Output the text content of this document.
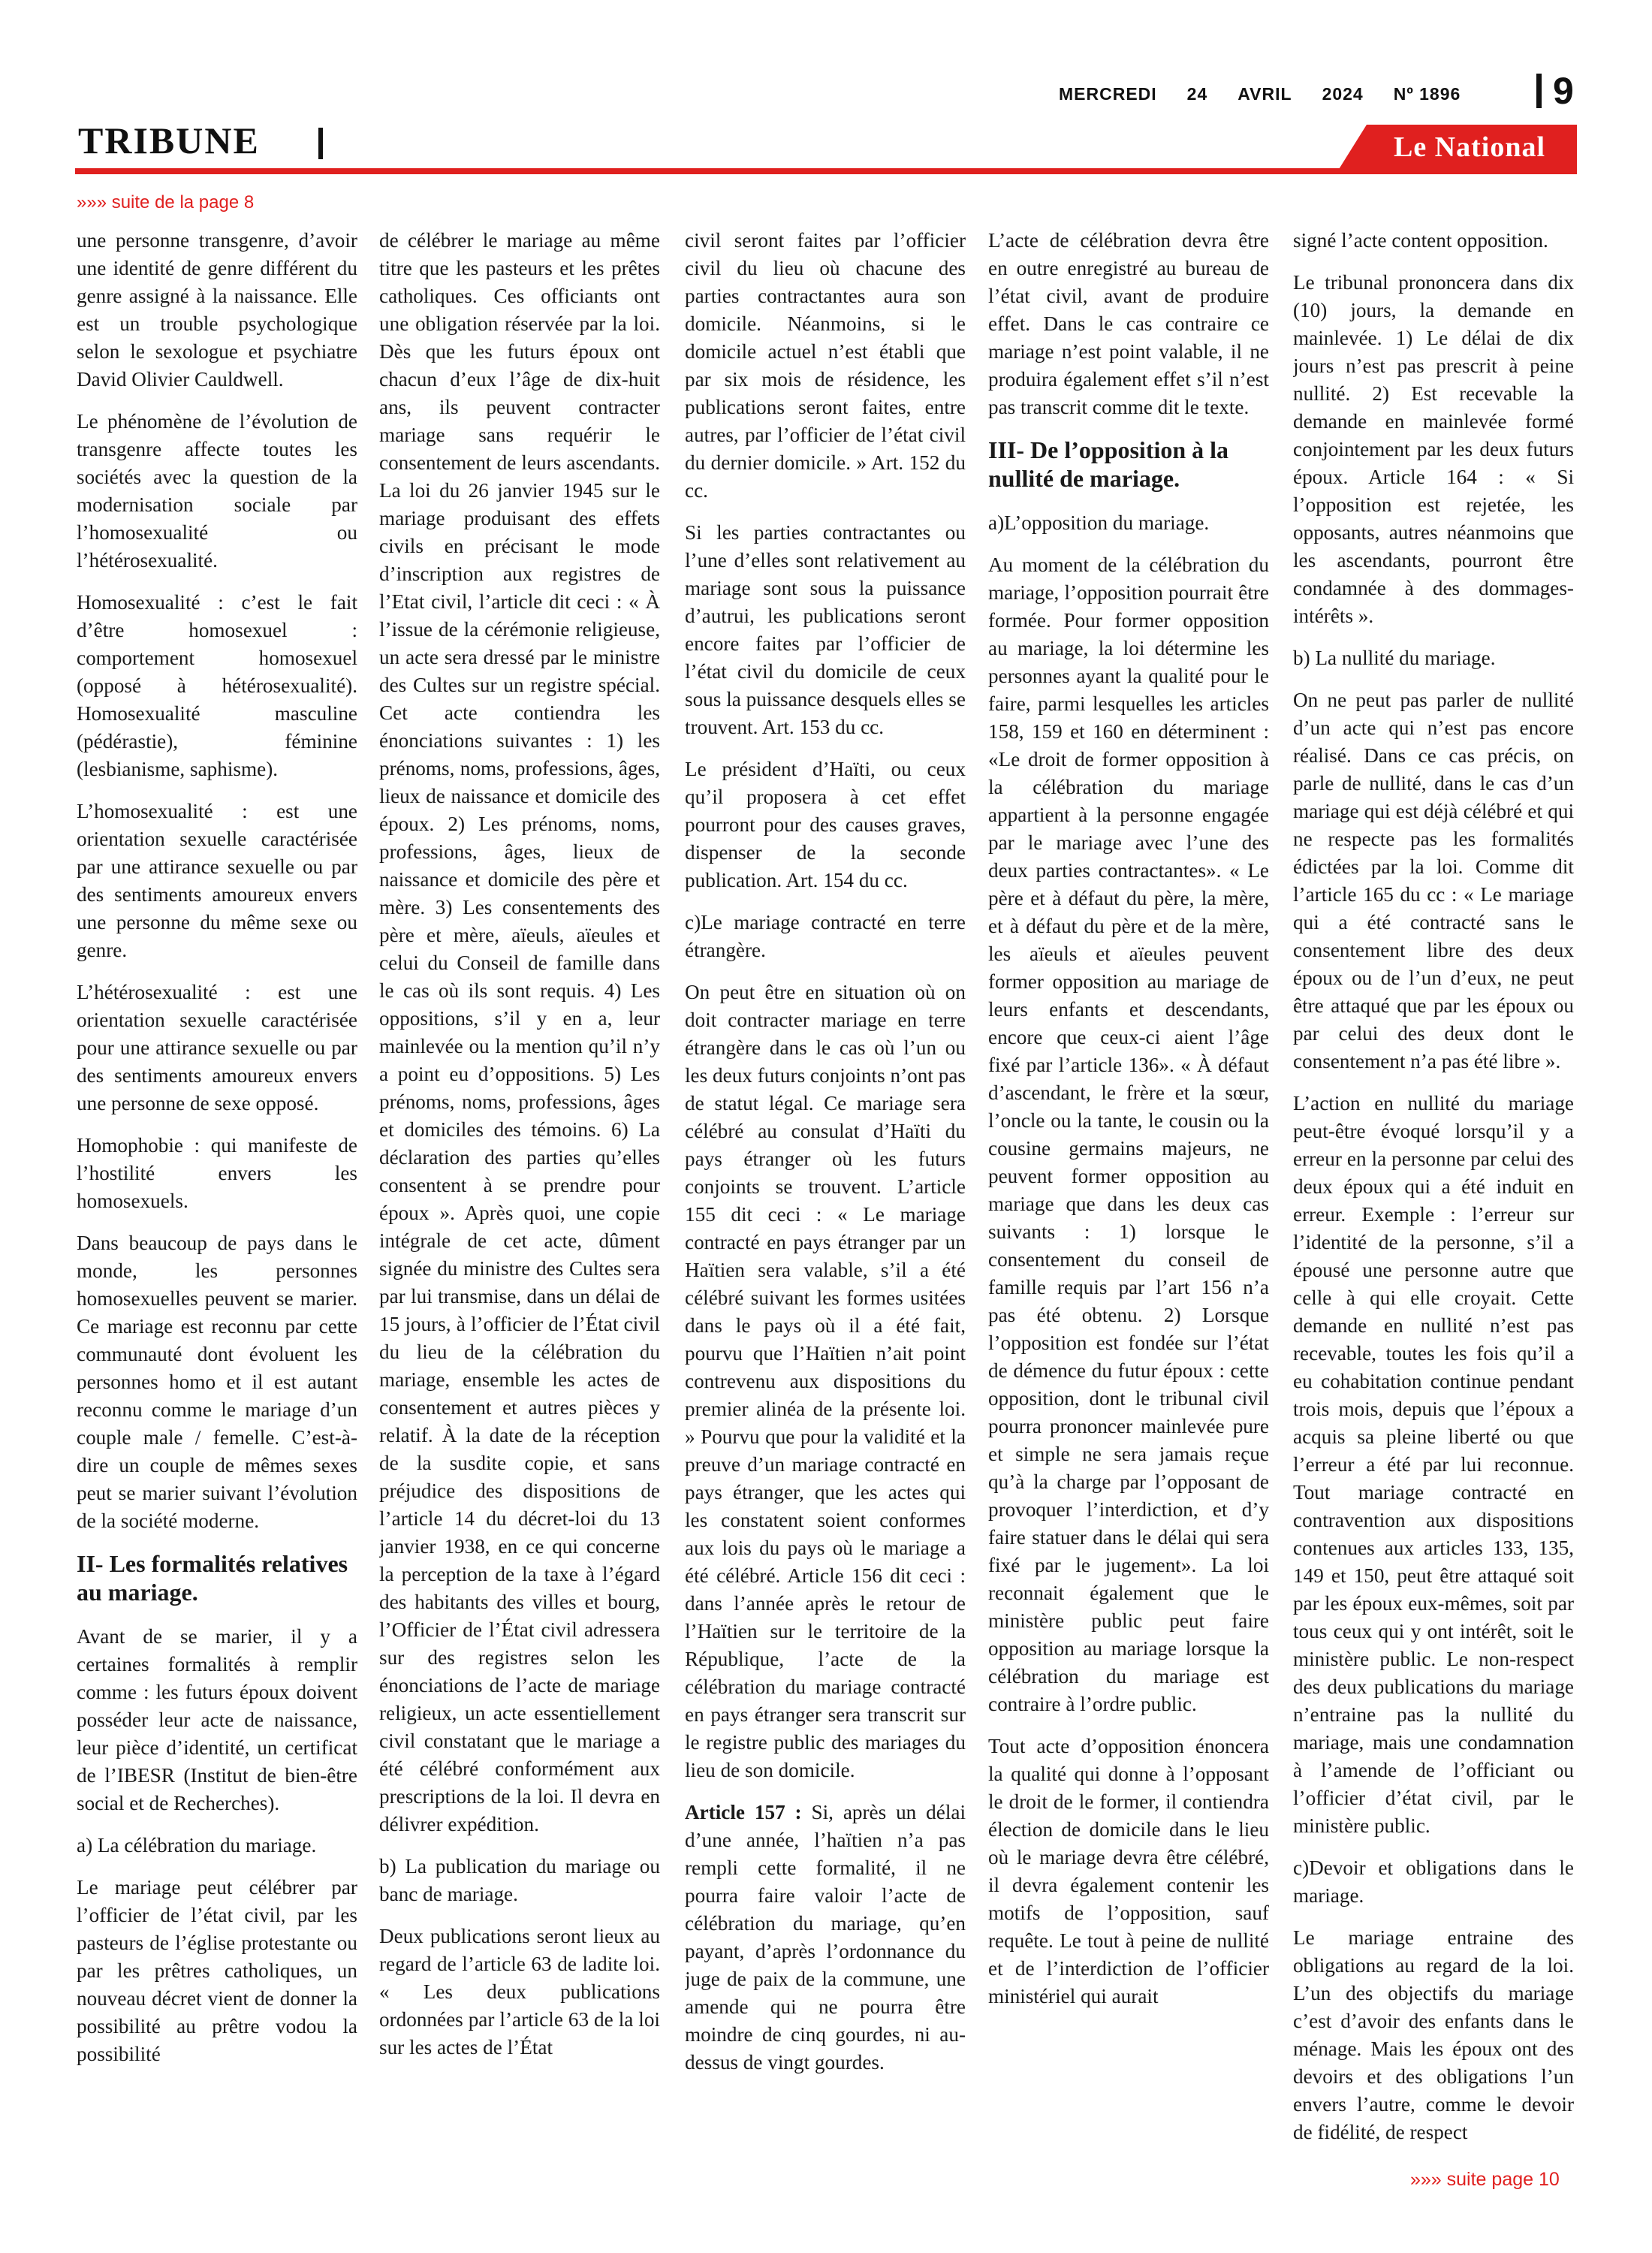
MERCREDI 24 AVRIL 2024 Nº 1896	9
TRIBUNE	Le National
»»» suite de la page 8

une personne transgenre, d’avoir une identité de genre différent du genre assigné à la naissance. Elle est un trouble psychologique selon le sexologue et psychiatre David Olivier Cauldwell.

Le phénomène de l’évolution de transgenre affecte toutes les sociétés avec la question de la modernisation sociale par l’homosexualité ou l’hétérosexualité.

Homosexualité : c’est le fait d’être homosexuel : comportement homosexuel (opposé à hétérosexualité). Homosexualité masculine (pédérastie), féminine (lesbianisme, saphisme).

L’homosexualité : est une orientation sexuelle caractérisée par une attirance sexuelle ou par des sentiments amoureux envers une personne du même sexe ou genre.

L’hétérosexualité : est une orientation sexuelle caractérisée pour une attirance sexuelle ou par des sentiments amoureux envers une personne de sexe opposé.

Homophobie : qui manifeste de l’hostilité envers les homosexuels.

Dans beaucoup de pays dans le monde, les personnes homosexuelles peuvent se marier. Ce mariage est reconnu par cette communauté dont évoluent les personnes homo et il est autant reconnu comme le mariage d’un couple male / femelle. C’est-à-dire un couple de mêmes sexes peut se marier suivant l’évolution de la société moderne.

II- Les formalités relatives au mariage.

Avant de se marier, il y a certaines formalités à remplir comme : les futurs époux doivent posséder leur acte de naissance, leur pièce d’identité, un certificat de l’IBESR (Institut de bien-être social et de Recherches).

a) La célébration du mariage.

Le mariage peut célébrer par l’officier de l’état civil, par les pasteurs de l’église protestante ou par les prêtres catholiques, un nouveau décret vient de donner la possibilité au prêtre vodou la possibilité

de célébrer le mariage au même titre que les pasteurs et les prêtes catholiques. Ces officiants ont une obligation réservée par la loi. Dès que les futurs époux ont chacun d’eux l’âge de dix-huit ans, ils peuvent contracter mariage sans requérir le consentement de leurs ascendants. La loi du 26 janvier 1945 sur le mariage produisant des effets civils en précisant le mode d’inscription aux registres de l’Etat civil, l’article dit ceci : « À l’issue de la cérémonie religieuse, un acte sera dressé par le ministre des Cultes sur un registre spécial. Cet acte contiendra les énonciations suivantes : 1) les prénoms, noms, professions, âges, lieux de naissance et domicile des époux. 2) Les prénoms, noms, professions, âges, lieux de naissance et domicile des père et mère. 3) Les consentements des père et mère, aïeuls, aïeules et celui du Conseil de famille dans le cas où ils sont requis. 4) Les oppositions, s’il y en a, leur mainlevée ou la mention qu’il n’y a point eu d’oppositions. 5) Les prénoms, noms, professions, âges et domiciles des témoins. 6) La déclaration des parties qu’elles consentent à se prendre pour époux ». Après quoi, une copie intégrale de cet acte, dûment signée du ministre des Cultes sera par lui transmise, dans un délai de 15 jours, à l’officier de l’État civil du lieu de la célébration du mariage, ensemble les actes de consentement et autres pièces y relatif. À la date de la réception de la susdite copie, et sans préjudice des dispositions de l’article 14 du décret-loi du 13 janvier 1938, en ce qui concerne la perception de la taxe à l’égard des habitants des villes et bourg, l’Officier de l’État civil adressera sur des registres selon les énonciations de l’acte de mariage religieux, un acte essentiellement civil constatant que le mariage a été célébré conformément aux prescriptions de la loi. Il devra en délivrer expédition.

b) La publication du mariage ou banc de mariage.

Deux publications seront lieux au regard de l’article 63 de ladite loi. « Les deux publications ordonnées par l’article 63 de la loi sur les actes de l’État

civil seront faites par l’officier civil du lieu où chacune des parties contractantes aura son domicile. Néanmoins, si le domicile actuel n’est établi que par six mois de résidence, les publications seront faites, entre autres, par l’officier de l’état civil du dernier domicile. » Art. 152 du cc.

Si les parties contractantes ou l’une d’elles sont relativement au mariage sont sous la puissance d’autrui, les publications seront encore faites par l’officier de l’état civil du domicile de ceux sous la puissance desquels elles se trouvent. Art. 153 du cc.

Le président d’Haïti, ou ceux qu’il proposera à cet effet pourront pour des causes graves, dispenser de la seconde publication. Art. 154 du cc.

c)Le mariage contracté en terre étrangère.

On peut être en situation où on doit contracter mariage en terre étrangère dans le cas où l’un ou les deux futurs conjoints n’ont pas de statut légal. Ce mariage sera célébré au consulat d’Haïti du pays étranger où les futurs conjoints se trouvent. L’article 155 dit ceci : « Le mariage contracté en pays étranger par un Haïtien sera valable, s’il a été célébré suivant les formes usitées dans le pays où il a été fait, pourvu que l’Haïtien n’ait point contrevenu aux dispositions du premier alinéa de la présente loi. » Pourvu que pour la validité et la preuve d’un mariage contracté en pays étranger, que les actes qui les constatent soient conformes aux lois du pays où le mariage a été célébré. Article 156 dit ceci : dans l’année après le retour de l’Haïtien sur le territoire de la République, l’acte de la célébration du mariage contracté en pays étranger sera transcrit sur le registre public des mariages du lieu de son domicile.

Article 157 : Si, après un délai d’une année, l’haïtien n’a pas rempli cette formalité, il ne pourra faire valoir l’acte de célébration du mariage, qu’en payant, d’après l’ordonnance du juge de paix de la commune, une amende qui ne pourra être moindre de cinq gourdes, ni au-dessus de vingt gourdes.

L’acte de célébration devra être en outre enregistré au bureau de l’état civil, avant de produire effet. Dans le cas contraire ce mariage n’est point valable, il ne produira également effet s’il n’est pas transcrit comme dit le texte.

III- De l’opposition à la nullité de mariage.

a)L’opposition du mariage.

Au moment de la célébration du mariage, l’opposition pourrait être formée. Pour former opposition au mariage, la loi détermine les personnes ayant la qualité pour le faire, parmi lesquelles les articles 158, 159 et 160 en déterminent : «Le droit de former opposition à la célébration du mariage appartient à la personne engagée par le mariage avec l’une des deux parties contractantes». « Le père et à défaut du père, la mère, et à défaut du père et de la mère, les aïeuls et aïeules peuvent former opposition au mariage de leurs enfants et descendants, encore que ceux-ci aient l’âge fixé par l’article 136». « À défaut d’ascendant, le frère et la sœur, l’oncle ou la tante, le cousin ou la cousine germains majeurs, ne peuvent former opposition au mariage que dans les deux cas suivants : 1) lorsque le consentement du conseil de famille requis par l’art 156 n’a pas été obtenu. 2) Lorsque l’opposition est fondée sur l’état de démence du futur époux : cette opposition, dont le tribunal civil pourra prononcer mainlevée pure et simple ne sera jamais reçue qu’à la charge par l’opposant de provoquer l’interdiction, et d’y faire statuer dans le délai qui sera fixé par le jugement». La loi reconnait également que le ministère public peut faire opposition au mariage lorsque la célébration du mariage est contraire à l’ordre public.

Tout acte d’opposition énoncera la qualité qui donne à l’opposant le droit de le former, il contiendra élection de domicile dans le lieu où le mariage devra être célébré, il devra également contenir les motifs de l’opposition, sauf requête. Le tout à peine de nullité et de l’interdiction de l’officier ministériel qui aurait

signé l’acte content opposition.

Le tribunal prononcera dans dix (10) jours, la demande en mainlevée. 1) Le délai de dix jours n’est pas prescrit à peine nullité. 2) Est recevable la demande en mainlevée formé conjointement par les deux futurs époux. Article 164 : « Si l’opposition est rejetée, les opposants, autres néanmoins que les ascendants, pourront être condamnée à des dommages-intérêts ».

b) La nullité du mariage.

On ne peut pas parler de nullité d’un acte qui n’est pas encore réalisé. Dans ce cas précis, on parle de nullité, dans le cas d’un mariage qui est déjà célébré et qui ne respecte pas les formalités édictées par la loi. Comme dit l’article 165 du cc : « Le mariage qui a été contracté sans le consentement libre des deux époux ou de l’un d’eux, ne peut être attaqué que par les époux ou par celui des deux dont le consentement n’a pas été libre ».

L’action en nullité du mariage peut-être évoqué lorsqu’il y a erreur en la personne par celui des deux époux qui a été induit en erreur. Exemple : l’erreur sur l’identité de la personne, s’il a épousé une personne autre que celle à qui elle croyait. Cette demande en nullité n’est pas recevable, toutes les fois qu’il a eu cohabitation continue pendant trois mois, depuis que l’époux a acquis sa pleine liberté ou que l’erreur a été par lui reconnue. Tout mariage contracté en contravention aux dispositions contenues aux articles 133, 135, 149 et 150, peut être attaqué soit par les époux eux-mêmes, soit par tous ceux qui y ont intérêt, soit le ministère public. Le non-respect des deux publications du mariage n’entraine pas la nullité du mariage, mais une condamnation à l’amende de l’officiant ou l’officier d’état civil, par le ministère public.

c)Devoir et obligations dans le mariage.

Le mariage entraine des obligations au regard de la loi. L’un des objectifs du mariage c’est d’avoir des enfants dans le ménage. Mais les époux ont des devoirs et des obligations l’un envers l’autre, comme le devoir de fidélité, de respect

»»» suite page 10
